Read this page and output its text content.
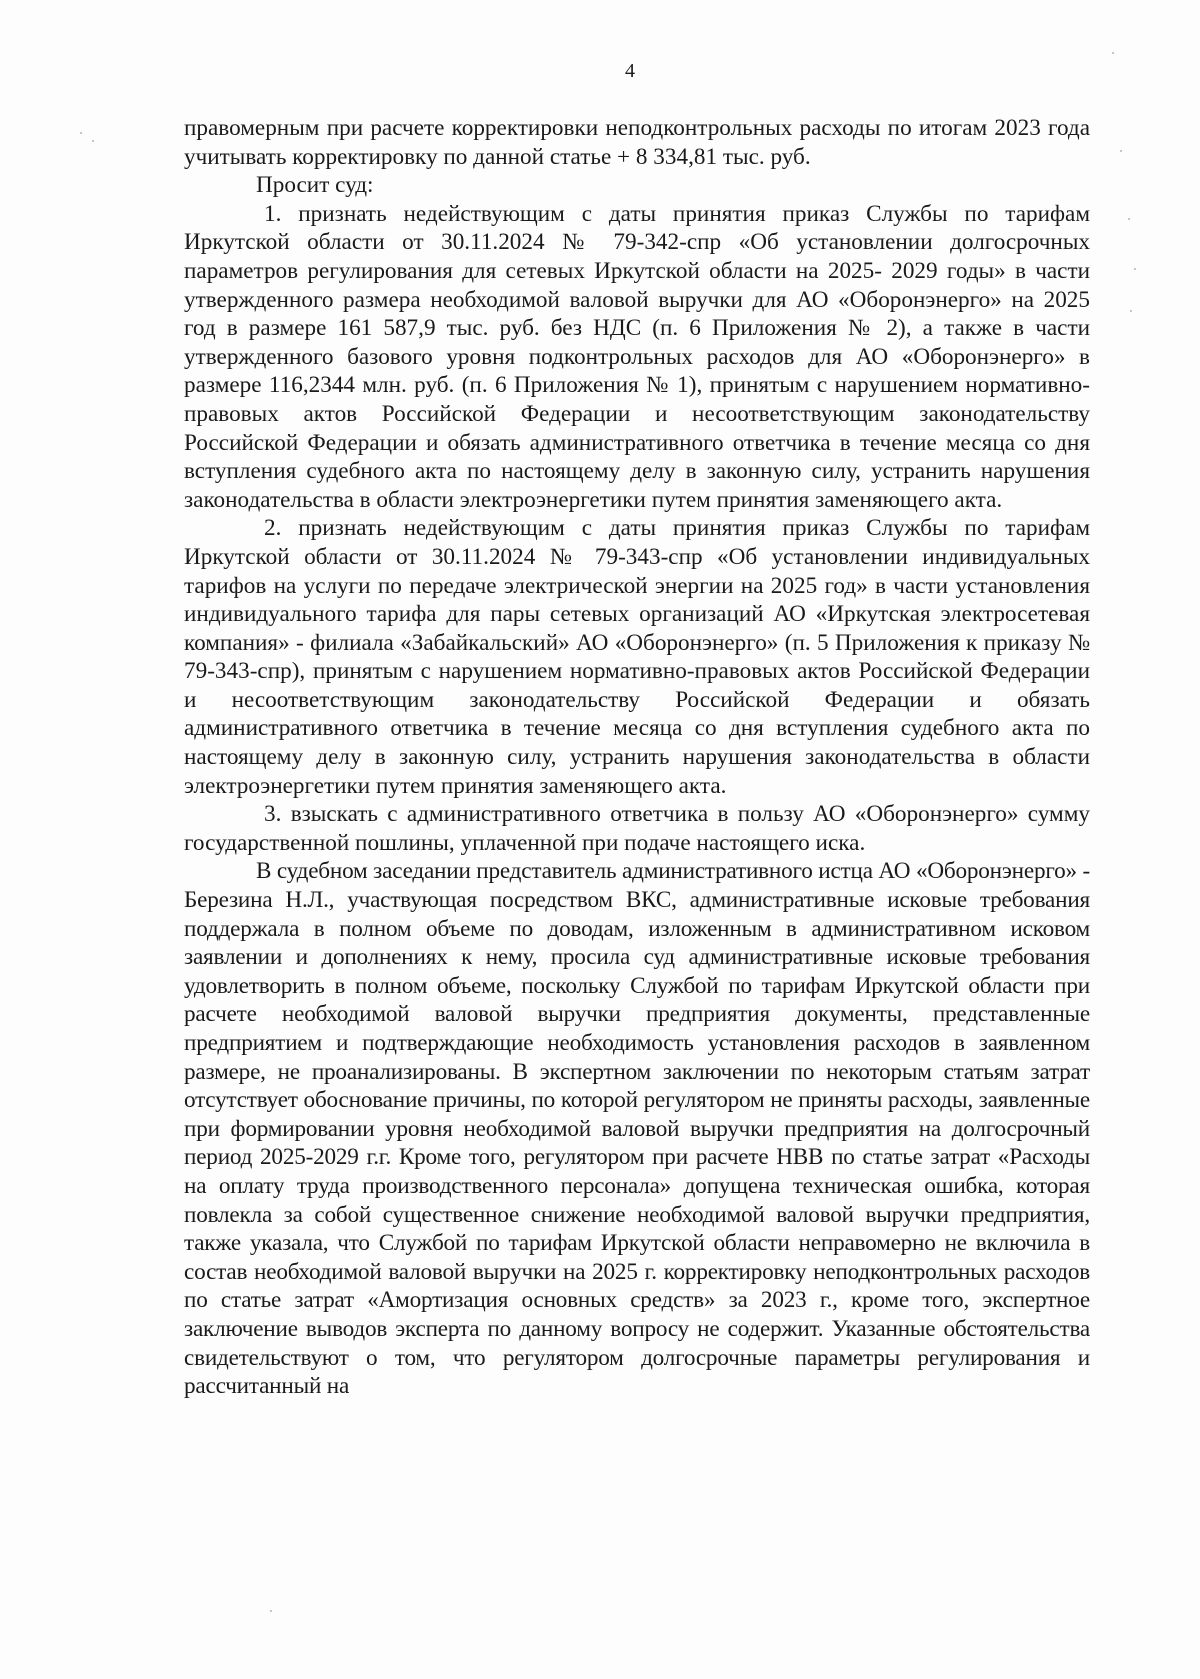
4

правомерным при расчете корректировки неподконтрольных расходы по итогам 2023 года учитывать корректировку по данной статье + 8 334,81 тыс. руб.

Просит суд:

1. признать недействующим с даты принятия приказ Службы по тарифам Иркутской области от 30.11.2024 № 79-342-спр «Об установлении долгосрочных параметров регулирования для сетевых Иркутской области на 2025- 2029 годы» в части утвержденного размера необходимой валовой выручки для АО «Оборонэнерго» на 2025 год в размере 161 587,9 тыс. руб. без НДС (п. 6 Приложения № 2), а также в части утвержденного базового уровня подконтрольных расходов для АО «Оборонэнерго» в размере 116,2344 млн. руб. (п. 6 Приложения № 1), принятым с нарушением нормативно-правовых актов Российской Федерации и несоответствующим законодательству Российской Федерации и обязать административного ответчика в течение месяца со дня вступления судебного акта по настоящему делу в законную силу, устранить нарушения законодательства в области электроэнергетики путем принятия заменяющего акта.

2. признать недействующим с даты принятия приказ Службы по тарифам Иркутской области от 30.11.2024 № 79-343-спр «Об установлении индивидуальных тарифов на услуги по передаче электрической энергии на 2025 год» в части установления индивидуального тарифа для пары сетевых организаций АО «Иркутская электросетевая компания» - филиала «Забайкальский» АО «Оборонэнерго» (п. 5 Приложения к приказу № 79-343-спр), принятым с нарушением нормативно-правовых актов Российской Федерации и несоответствующим законодательству Российской Федерации и обязать административного ответчика в течение месяца со дня вступления судебного акта по настоящему делу в законную силу, устранить нарушения законодательства в области электроэнергетики путем принятия заменяющего акта.

3. взыскать с административного ответчика в пользу АО «Оборонэнерго» сумму государственной пошлины, уплаченной при подаче настоящего иска.

В судебном заседании представитель административного истца АО «Оборонэнерго» - Березина Н.Л., участвующая посредством ВКС, административные исковые требования поддержала в полном объеме по доводам, изложенным в административном исковом заявлении и дополнениях к нему, просила суд административные исковые требования удовлетворить в полном объеме, поскольку Службой по тарифам Иркутской области при расчете необходимой валовой выручки предприятия документы, представленные предприятием и подтверждающие необходимость установления расходов в заявленном размере, не проанализированы. В экспертном заключении по некоторым статьям затрат отсутствует обоснование причины, по которой регулятором не приняты расходы, заявленные при формировании уровня необходимой валовой выручки предприятия на долгосрочный период 2025-2029 г.г. Кроме того, регулятором при расчете НВВ по статье затрат «Расходы на оплату труда производственного персонала» допущена техническая ошибка, которая повлекла за собой существенное снижение необходимой валовой выручки предприятия, также указала, что Службой по тарифам Иркутской области неправомерно не включила в состав необходимой валовой выручки на 2025 г. корректировку неподконтрольных расходов по статье затрат «Амортизация основных средств» за 2023 г., кроме того, экспертное заключение выводов эксперта по данному вопросу не содержит. Указанные обстоятельства свидетельствуют о том, что регулятором долгосрочные параметры регулирования и рассчитанный на
